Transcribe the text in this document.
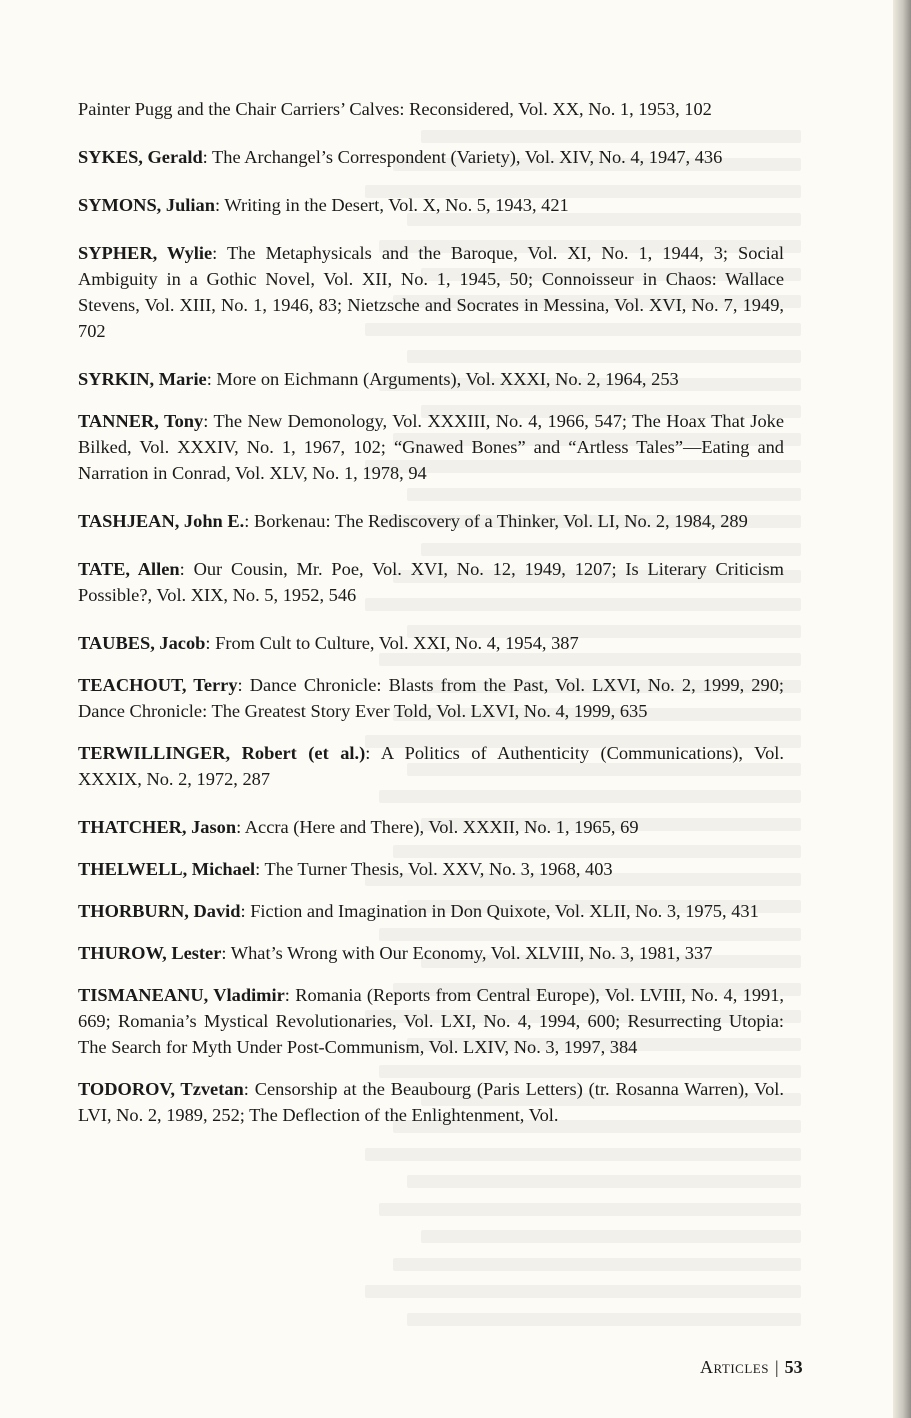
Painter Pugg and the Chair Carriers’ Calves: Reconsidered, Vol. XX, No. 1, 1953, 102

SYKES, Gerald: The Archangel’s Correspondent (Variety), Vol. XIV, No. 4, 1947, 436

SYMONS, Julian: Writing in the Desert, Vol. X, No. 5, 1943, 421

SYPHER, Wylie: The Metaphysicals and the Baroque, Vol. XI, No. 1, 1944, 3; Social Ambiguity in a Gothic Novel, Vol. XII, No. 1, 1945, 50; Connoisseur in Chaos: Wallace Stevens, Vol. XIII, No. 1, 1946, 83; Nietzsche and Socrates in Messina, Vol. XVI, No. 7, 1949, 702

SYRKIN, Marie: More on Eichmann (Arguments), Vol. XXXI, No. 2, 1964, 253

TANNER, Tony: The New Demonology, Vol. XXXIII, No. 4, 1966, 547; The Hoax That Joke Bilked, Vol. XXXIV, No. 1, 1967, 102; “Gnawed Bones” and “Artless Tales”—Eating and Narration in Conrad, Vol. XLV, No. 1, 1978, 94

TASHJEAN, John E.: Borkenau: The Rediscovery of a Thinker, Vol. LI, No. 2, 1984, 289

TATE, Allen: Our Cousin, Mr. Poe, Vol. XVI, No. 12, 1949, 1207; Is Literary Criticism Possible?, Vol. XIX, No. 5, 1952, 546

TAUBES, Jacob: From Cult to Culture, Vol. XXI, No. 4, 1954, 387

TEACHOUT, Terry: Dance Chronicle: Blasts from the Past, Vol. LXVI, No. 2, 1999, 290; Dance Chronicle: The Greatest Story Ever Told, Vol. LXVI, No. 4, 1999, 635

TERWILLINGER, Robert (et al.): A Politics of Authenticity (Communications), Vol. XXXIX, No. 2, 1972, 287

THATCHER, Jason: Accra (Here and There), Vol. XXXII, No. 1, 1965, 69

THELWELL, Michael: The Turner Thesis, Vol. XXV, No. 3, 1968, 403

THORBURN, David: Fiction and Imagination in Don Quixote, Vol. XLII, No. 3, 1975, 431

THUROW, Lester: What’s Wrong with Our Economy, Vol. XLVIII, No. 3, 1981, 337

TISMANEANU, Vladimir: Romania (Reports from Central Europe), Vol. LVIII, No. 4, 1991, 669; Romania’s Mystical Revolutionaries, Vol. LXI, No. 4, 1994, 600; Resurrecting Utopia: The Search for Myth Under Post-Communism, Vol. LXIV, No. 3, 1997, 384

TODOROV, Tzvetan: Censorship at the Beaubourg (Paris Letters) (tr. Rosanna Warren), Vol. LVI, No. 2, 1989, 252; The Deflection of the Enlightenment, Vol.

Articles | 53
